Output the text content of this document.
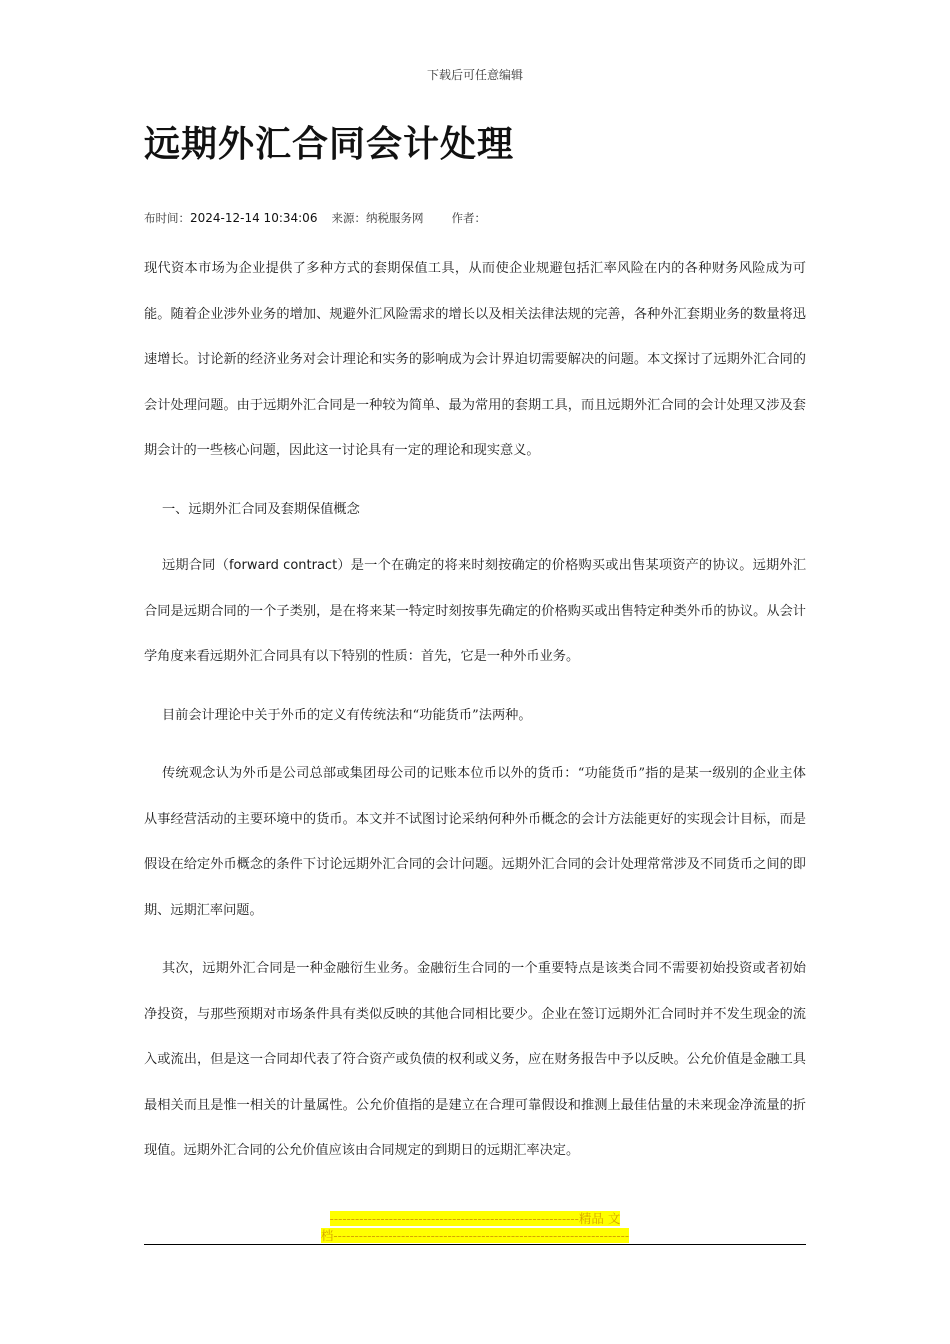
下载后可任意编辑
远期外汇合同会计处理
布时间：2024-12-14 10:34:06 来源：纳税服务网 作者：

现代资本市场为企业提供了多种方式的套期保值工具，从而使企业规避包括汇率风险在内的各种财务风险成为可能。随着企业涉外业务的增加、规避外汇风险需求的增长以及相关法律法规的完善，各种外汇套期业务的数量将迅速增长。讨论新的经济业务对会计理论和实务的影响成为会计界迫切需要解决的问题。本文探讨了远期外汇合同的会计处理问题。由于远期外汇合同是一种较为简单、最为常用的套期工具，而且远期外汇合同的会计处理又涉及套期会计的一些核心问题，因此这一讨论具有一定的理论和现实意义。

一、远期外汇合同及套期保值概念

远期合同（forward contract）是一个在确定的将来时刻按确定的价格购买或出售某项资产的协议。远期外汇合同是远期合同的一个子类别，是在将来某一特定时刻按事先确定的价格购买或出售特定种类外币的协议。从会计学角度来看远期外汇合同具有以下特别的性质：首先，它是一种外币业务。

目前会计理论中关于外币的定义有传统法和“功能货币”法两种。

传统观念认为外币是公司总部或集团母公司的记账本位币以外的货币：“功能货币”指的是某一级别的企业主体从事经营活动的主要环境中的货币。本文并不试图讨论采纳何种外币概念的会计方法能更好的实现会计目标，而是假设在给定外币概念的条件下讨论远期外汇合同的会计问题。远期外汇合同的会计处理常常涉及不同货币之间的即期、远期汇率问题。

其次，远期外汇合同是一种金融衍生业务。金融衍生合同的一个重要特点是该类合同不需要初始投资或者初始净投资，与那些预期对市场条件具有类似反映的其他合同相比要少。企业在签订远期外汇合同时并不发生现金的流入或流出，但是这一合同却代表了符合资产或负债的权利或义务，应在财务报告中予以反映。公允价值是金融工具最相关而且是惟一相关的计量属性。公允价值指的是建立在合理可靠假设和推测上最佳估量的未来现金净流量的折现值。远期外汇合同的公允价值应该由合同规定的到期日的远期汇率决定。

-----------------------------------------------------------精品 文
档----------------------------------------------------------------------
